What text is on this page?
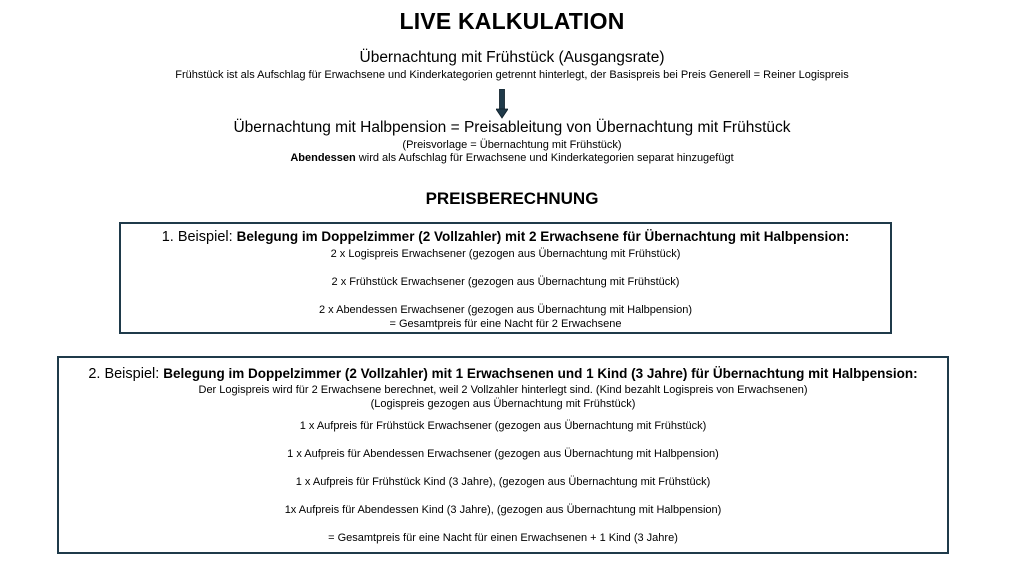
LIVE KALKULATION
Übernachtung mit Frühstück (Ausgangsrate)
Frühstück ist als Aufschlag für Erwachsene und Kinderkategorien getrennt hinterlegt, der Basispreis bei Preis Generell = Reiner Logispreis
Übernachtung mit Halbpension = Preisableitung von Übernachtung mit Frühstück
(Preisvorlage = Übernachtung mit Frühstück)
Abendessen wird als Aufschlag für Erwachsene und Kinderkategorien separat hinzugefügt
PREISBERECHNUNG
1. Beispiel: Belegung im Doppelzimmer (2 Vollzahler) mit 2 Erwachsene für Übernachtung mit Halbpension:
2 x Logispreis Erwachsener (gezogen aus Übernachtung mit Frühstück)
2 x Frühstück Erwachsener (gezogen aus Übernachtung mit Frühstück)
2 x Abendessen Erwachsener (gezogen aus Übernachtung mit Halbpension)
= Gesamtpreis für eine Nacht für 2 Erwachsene
2. Beispiel: Belegung im Doppelzimmer (2 Vollzahler) mit 1 Erwachsenen und 1 Kind (3 Jahre) für Übernachtung mit Halbpension:
Der Logispreis wird für 2 Erwachsene berechnet, weil 2 Vollzahler hinterlegt sind. (Kind bezahlt Logispreis von Erwachsenen)
(Logispreis gezogen aus Übernachtung mit Frühstück)
1 x Aufpreis für Frühstück Erwachsener (gezogen aus Übernachtung mit Frühstück)
1 x Aufpreis für Abendessen Erwachsener (gezogen aus Übernachtung mit Halbpension)
1 x Aufpreis für Frühstück Kind (3 Jahre), (gezogen aus Übernachtung mit Frühstück)
1x Aufpreis für Abendessen Kind (3 Jahre), (gezogen aus Übernachtung mit Halbpension)
= Gesamtpreis für eine Nacht für einen Erwachsenen + 1 Kind (3 Jahre)
